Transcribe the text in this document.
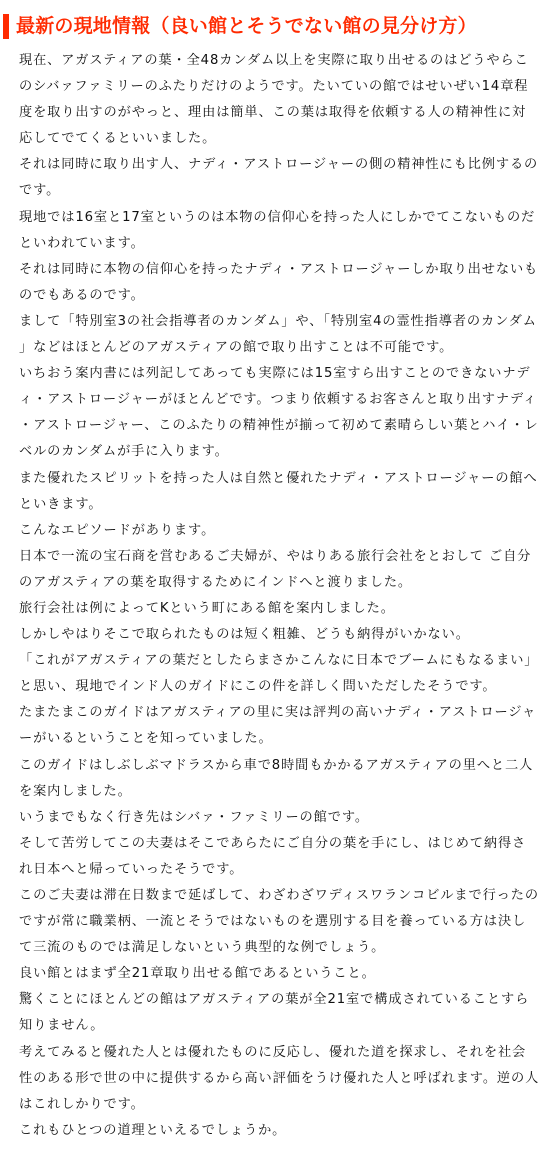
最新の現地情報（良い館とそうでない館の見分け方）

現在、アガスティアの葉・全48カンダム以上を実際に取り出せるのはどうやらこのシバァファミリーのふたりだけのようです。たいていの館ではせいぜい14章程度を取り出すのがやっと、理由は簡単、この葉は取得を依頼する人の精神性に対応してでてくるといいました。

それは同時に取り出す人、ナディ・アストロージャーの側の精神性にも比例するのです。

現地では16室と17室というのは本物の信仰心を持った人にしかでてこないものだといわれています。

それは同時に本物の信仰心を持ったナディ・アストロージャーしか取り出せないものでもあるのです。

まして「特別室3の社会指導者のカンダム」や、「特別室4の霊性指導者のカンダム」などはほとんどのアガスティアの館で取り出すことは不可能です。

いちおう案内書には列記してあっても実際には15室すら出すことのできないナディ・アストロージャーがほとんどです。つまり依頼するお客さんと取り出すナディ・アストロージャー、このふたりの精神性が揃って初めて素晴らしい葉とハイ・レベルのカンダムが手に入ります。

また優れたスピリットを持った人は自然と優れたナディ・アストロージャーの館へといきます。

こんなエピソードがあります。

日本で一流の宝石商を営むあるご夫婦が、やはりある旅行会社をとおして ご自分のアガスティアの葉を取得するためにインドへと渡りました。

旅行会社は例によってKという町にある館を案内しました。

しかしやはりそこで取られたものは短く粗雑、どうも納得がいかない。

「これがアガスティアの葉だとしたらまさかこんなに日本でブームにもなるまい」と思い、現地でインド人のガイドにこの件を詳しく問いただしたそうです。

たまたまこのガイドはアガスティアの里に実は評判の高いナディ・アストロージャーがいるということを知っていました。

このガイドはしぶしぶマドラスから車で8時間もかかるアガスティアの里へと二人を案内しました。

いうまでもなく行き先はシバァ・ファミリーの館です。

そして苦労してこの夫妻はそこであらたにご自分の葉を手にし、はじめて納得され日本へと帰っていったそうです。

このご夫妻は滞在日数まで延ばして、わざわざワディスワランコビルまで行ったのですが常に職業柄、一流とそうではないものを選別する目を養っている方は決して三流のものでは満足しないという典型的な例でしょう。

良い館とはまず全21章取り出せる館であるということ。

驚くことにほとんどの館はアガスティアの葉が全21室で構成されていることすら知りません。

考えてみると優れた人とは優れたものに反応し、優れた道を探求し、それを社会性のある形で世の中に提供するから高い評価をうけ優れた人と呼ばれます。逆の人はこれしかりです。

これもひとつの道理といえるでしょうか。
